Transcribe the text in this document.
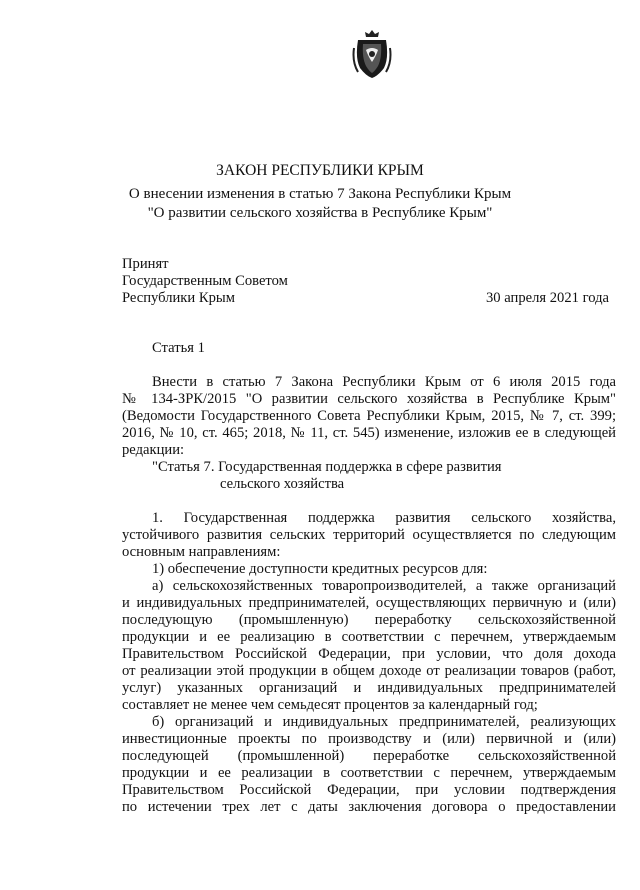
ЗАКОН РЕСПУБЛИКИ КРЫМ
О внесении изменения в статью 7 Закона Республики Крым
"О развитии сельского хозяйства в Республике Крым"
Принят
Государственным Советом
Республики Крым	30 апреля 2021 года
Статья 1
Внести в статью 7 Закона Республики Крым от 6 июля 2015 года
№ 134-ЗРК/2015 "О развитии сельского хозяйства в Республике Крым"
(Ведомости Государственного Совета Республики Крым, 2015, № 7, ст. 399;
2016, № 10, ст. 465; 2018, № 11, ст. 545) изменение, изложив ее в следующей
редакции:
"Статья 7. Государственная поддержка в сфере развития
сельского хозяйства
1. Государственная поддержка развития сельского хозяйства,
устойчивого развития сельских территорий осуществляется по следующим
основным направлениям:
1) обеспечение доступности кредитных ресурсов для:
а) сельскохозяйственных товаропроизводителей, а также организаций
и индивидуальных предпринимателей, осуществляющих первичную и (или)
последующую (промышленную) переработку сельскохозяйственной
продукции и ее реализацию в соответствии с перечнем, утверждаемым
Правительством Российской Федерации, при условии, что доля дохода
от реализации этой продукции в общем доходе от реализации товаров (работ,
услуг) указанных организаций и индивидуальных предпринимателей
составляет не менее чем семьдесят процентов за календарный год;
б) организаций и индивидуальных предпринимателей, реализующих
инвестиционные проекты по производству и (или) первичной и (или)
последующей (промышленной) переработке сельскохозяйственной
продукции и ее реализации в соответствии с перечнем, утверждаемым
Правительством Российской Федерации, при условии подтверждения
по истечении трех лет с даты заключения договора о предоставлении
